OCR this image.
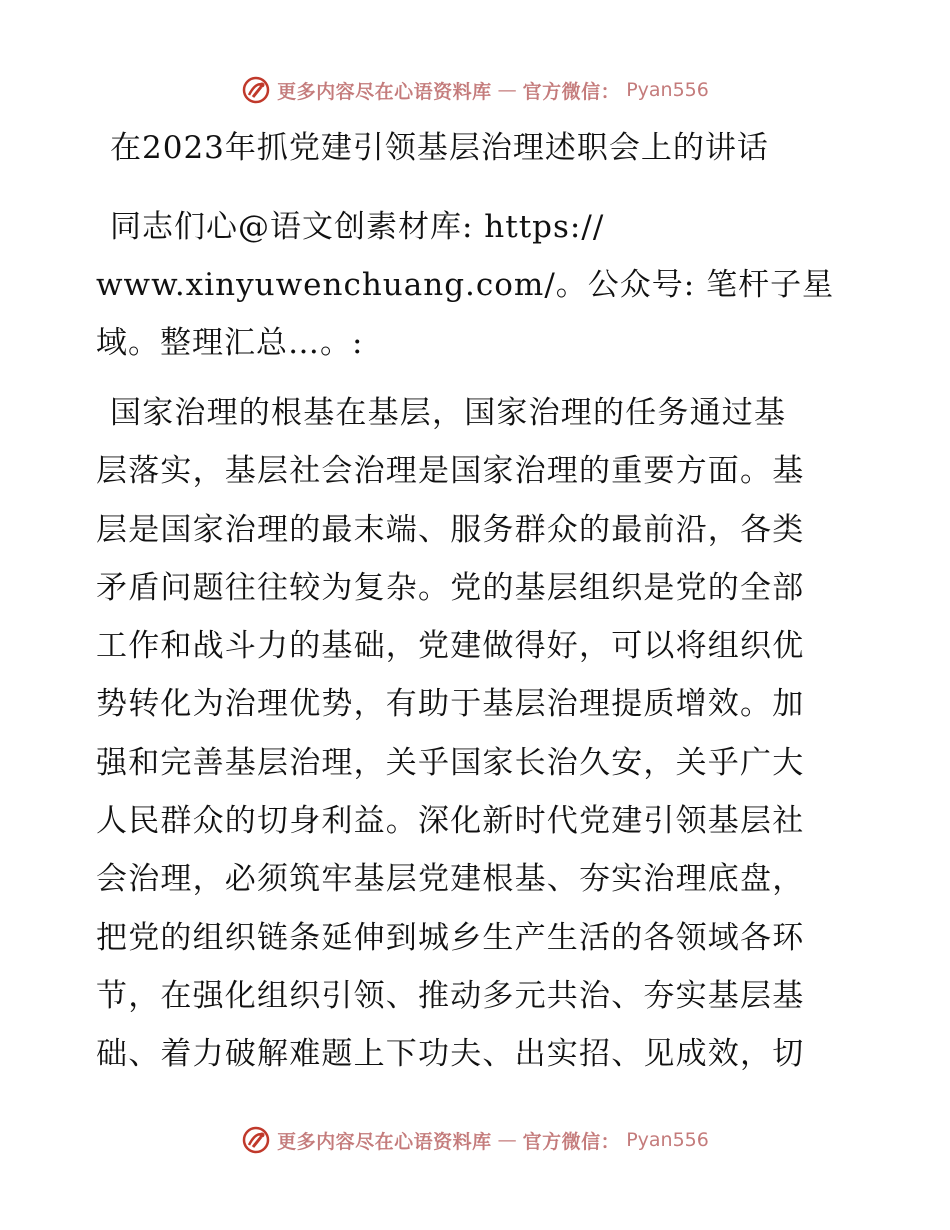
更多内容尽在心语资料库 — 官方微信： Pyan556
在2023年抓党建引领基层治理述职会上的讲话
同志们心@语文创素材库: https://
www.xinyuwenchuang.com/。公众号: 笔杆子星
域。整理汇总…。:
国家治理的根基在基层，国家治理的任务通过基
层落实，基层社会治理是国家治理的重要方面。基
层是国家治理的最末端、服务群众的最前沿，各类
矛盾问题往往较为复杂。党的基层组织是党的全部
工作和战斗力的基础，党建做得好，可以将组织优
势转化为治理优势，有助于基层治理提质增效。加
强和完善基层治理，关乎国家长治久安，关乎广大
人民群众的切身利益。深化新时代党建引领基层社
会治理，必须筑牢基层党建根基、夯实治理底盘，
把党的组织链条延伸到城乡生产生活的各领域各环
节，在强化组织引领、推动多元共治、夯实基层基
础、着力破解难题上下功夫、出实招、见成效，切
更多内容尽在心语资料库 — 官方微信： Pyan556
